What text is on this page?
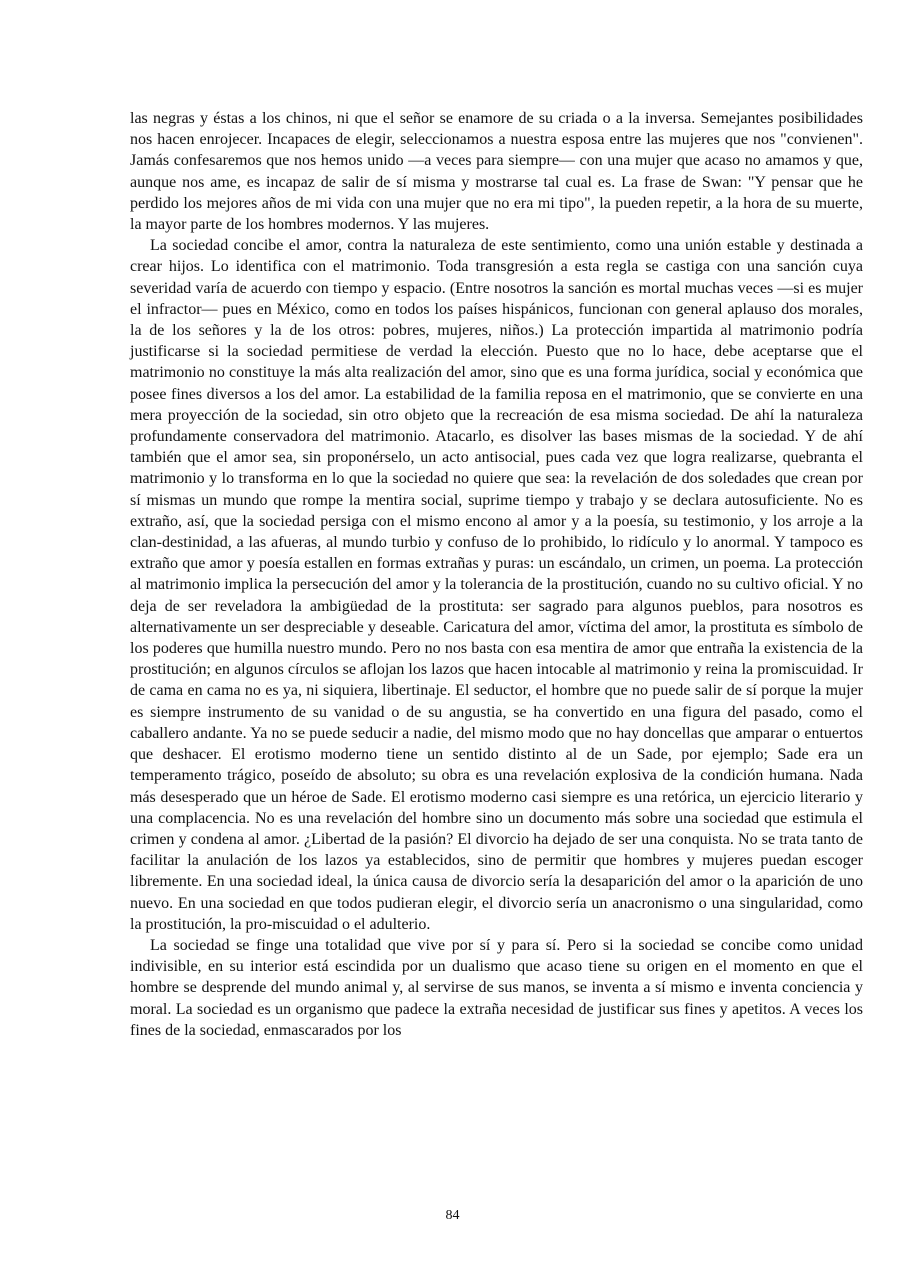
las negras y éstas a los chinos, ni que el señor se enamore de su criada o a la inversa. Semejantes posibilidades nos hacen enrojecer. Incapaces de elegir, seleccionamos a nuestra esposa entre las mujeres que nos "convienen". Jamás confesaremos que nos hemos unido —a veces para siempre— con una mujer que acaso no amamos y que, aunque nos ame, es incapaz de salir de sí misma y mostrarse tal cual es. La frase de Swan: "Y pensar que he perdido los mejores años de mi vida con una mujer que no era mi tipo", la pueden repetir, a la hora de su muerte, la mayor parte de los hombres modernos. Y las mujeres.

La sociedad concibe el amor, contra la naturaleza de este sentimiento, como una unión estable y destinada a crear hijos. Lo identifica con el matrimonio. Toda transgresión a esta regla se castiga con una sanción cuya severidad varía de acuerdo con tiempo y espacio. (Entre nosotros la sanción es mortal muchas veces —si es mujer el infractor— pues en México, como en todos los países hispánicos, funcionan con general aplauso dos morales, la de los señores y la de los otros: pobres, mujeres, niños.) La protección impartida al matrimonio podría justificarse si la sociedad permitiese de verdad la elección. Puesto que no lo hace, debe aceptarse que el matrimonio no constituye la más alta realización del amor, sino que es una forma jurídica, social y económica que posee fines diversos a los del amor. La estabilidad de la familia reposa en el matrimonio, que se convierte en una mera proyección de la sociedad, sin otro objeto que la recreación de esa misma sociedad. De ahí la naturaleza profundamente conservadora del matrimonio. Atacarlo, es disolver las bases mismas de la sociedad. Y de ahí también que el amor sea, sin proponérselo, un acto antisocial, pues cada vez que logra realizarse, quebranta el matrimonio y lo transforma en lo que la sociedad no quiere que sea: la revelación de dos soledades que crean por sí mismas un mundo que rompe la mentira social, suprime tiempo y trabajo y se declara autosuficiente. No es extraño, así, que la sociedad persiga con el mismo encono al amor y a la poesía, su testimonio, y los arroje a la clan-destinidad, a las afueras, al mundo turbio y confuso de lo prohibido, lo ridículo y lo anormal. Y tampoco es extraño que amor y poesía estallen en formas extrañas y puras: un escándalo, un crimen, un poema. La protección al matrimonio implica la persecución del amor y la tolerancia de la prostitución, cuando no su cultivo oficial. Y no deja de ser reveladora la ambigüedad de la prostituta: ser sagrado para algunos pueblos, para nosotros es alternativamente un ser despreciable y deseable. Caricatura del amor, víctima del amor, la prostituta es símbolo de los poderes que humilla nuestro mundo. Pero no nos basta con esa mentira de amor que entraña la existencia de la prostitución; en algunos círculos se aflojan los lazos que hacen intocable al matrimonio y reina la promiscuidad. Ir de cama en cama no es ya, ni siquiera, libertinaje. El seductor, el hombre que no puede salir de sí porque la mujer es siempre instrumento de su vanidad o de su angustia, se ha convertido en una figura del pasado, como el caballero andante. Ya no se puede seducir a nadie, del mismo modo que no hay doncellas que amparar o entuertos que deshacer. El erotismo moderno tiene un sentido distinto al de un Sade, por ejemplo; Sade era un temperamento trágico, poseído de absoluto; su obra es una revelación explosiva de la condición humana. Nada más desesperado que un héroe de Sade. El erotismo moderno casi siempre es una retórica, un ejercicio literario y una complacencia. No es una revelación del hombre sino un documento más sobre una sociedad que estimula el crimen y condena al amor. ¿Libertad de la pasión? El divorcio ha dejado de ser una conquista. No se trata tanto de facilitar la anulación de los lazos ya establecidos, sino de permitir que hombres y mujeres puedan escoger libremente. En una sociedad ideal, la única causa de divorcio sería la desaparición del amor o la aparición de uno nuevo. En una sociedad en que todos pudieran elegir, el divorcio sería un anacronismo o una singularidad, como la prostitución, la pro-miscuidad o el adulterio.

La sociedad se finge una totalidad que vive por sí y para sí. Pero si la sociedad se concibe como unidad indivisible, en su interior está escindida por un dualismo que acaso tiene su origen en el momento en que el hombre se desprende del mundo animal y, al servirse de sus manos, se inventa a sí mismo e inventa conciencia y moral. La sociedad es un organismo que padece la extraña necesidad de justificar sus fines y apetitos. A veces los fines de la sociedad, enmascarados por los

84
